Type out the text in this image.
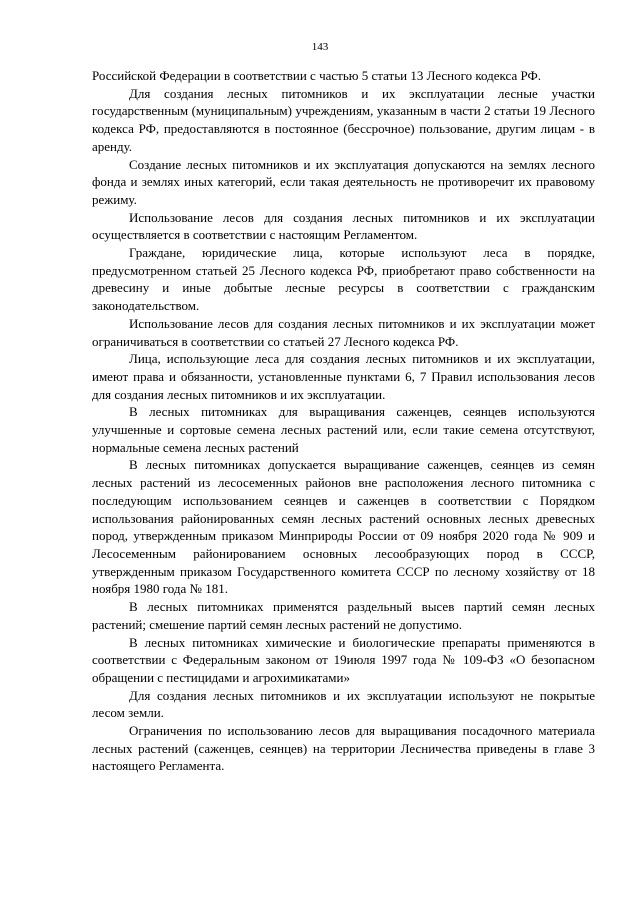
143

Российской Федерации в соответствии с частью 5 статьи 13 Лесного кодекса РФ.

Для создания лесных питомников и их эксплуатации лесные участки государственным (муниципальным) учреждениям, указанным в части 2 статьи 19 Лесного кодекса РФ, предоставляются в постоянное (бессрочное) пользование, другим лицам - в аренду.

Создание лесных питомников и их эксплуатация допускаются на землях лесного фонда и землях иных категорий, если такая деятельность не противоречит их правовому режиму.

Использование лесов для создания лесных питомников и их эксплуатации осуществляется в соответствии с настоящим Регламентом.

Граждане, юридические лица, которые используют леса в порядке, предусмотренном статьей 25 Лесного кодекса РФ, приобретают право собственности на древесину и иные добытые лесные ресурсы в соответствии с гражданским законодательством.

Использование лесов для создания лесных питомников и их эксплуатации может ограничиваться в соответствии со статьей 27 Лесного кодекса РФ.

Лица, использующие леса для создания лесных питомников и их эксплуатации, имеют права и обязанности, установленные пунктами 6, 7 Правил использования лесов для создания лесных питомников и их эксплуатации.

В лесных питомниках для выращивания саженцев, сеянцев используются улучшенные и сортовые семена лесных растений или, если такие семена отсутствуют, нормальные семена лесных растений

В лесных питомниках допускается выращивание саженцев, сеянцев из семян лесных растений из лесосеменных районов вне расположения лесного питомника с последующим использованием сеянцев и саженцев в соответствии с Порядком использования районированных семян лесных растений основных лесных древесных пород, утвержденным приказом Минприроды России от 09 ноября 2020 года № 909 и Лесосеменным районированием основных лесообразующих пород в СССР, утвержденным приказом Государственного комитета СССР по лесному хозяйству от 18 ноября 1980 года № 181.

В лесных питомниках применятся раздельный высев партий семян лесных растений; смешение партий семян лесных растений не допустимо.

В лесных питомниках химические и биологические препараты применяются в соответствии с Федеральным законом от 19июля 1997 года № 109-ФЗ «О безопасном обращении с пестицидами и агрохимикатами»

Для создания лесных питомников и их эксплуатации используют не покрытые лесом земли.

Ограничения по использованию лесов для выращивания посадочного материала лесных растений (саженцев, сеянцев) на территории Лесничества приведены в главе 3 настоящего Регламента.
